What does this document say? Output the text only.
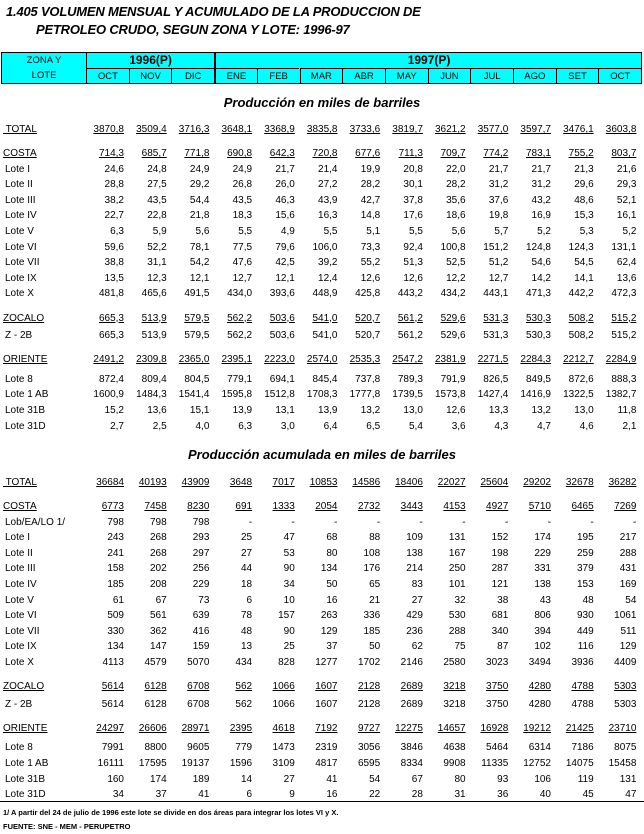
1.405 VOLUMEN MENSUAL Y ACUMULADO DE LA PRODUCCION DE
PETROLEO CRUDO, SEGUN ZONA Y LOTE: 1996-97
ZONA Y
LOTE
1996(P)	1997(P)
OCT	NOV	DIC	ENE	FEB	MAR	ABR	MAY	JUN	JUL	AGO	SET	OCT
Producción en miles de barriles
TOTAL	3870,8	3509,4	3716,3	3648,1	3368,9	3835,8	3733,6	3819,7	3621,2	3577,0	3597,7	3476,1	3603,8
COSTA	714,3	685,7	771,8	690,8	642,3	720,8	677,6	711,3	709,7	774,2	783,1	755,2	803,7
Lote I	24,6	24,8	24,9	24,9	21,7	21,4	19,9	20,8	22,0	21,7	21,7	21,3	21,6
Lote II	28,8	27,5	29,2	26,8	26,0	27,2	28,2	30,1	28,2	31,2	31,2	29,6	29,3
Lote III	38,2	43,5	54,4	43,5	46,3	43,9	42,7	37,8	35,6	37,6	43,2	48,6	52,1
Lote IV	22,7	22,8	21,8	18,3	15,6	16,3	14,8	17,6	18,6	19,8	16,9	15,3	16,1
Lote V	6,3	5,9	5,6	5,5	4,9	5,5	5,1	5,5	5,6	5,7	5,2	5,3	5,2
Lote VI	59,6	52,2	78,1	77,5	79,6	106,0	73,3	92,4	100,8	151,2	124,8	124,3	131,1
Lote VII	38,8	31,1	54,2	47,6	42,5	39,2	55,2	51,3	52,5	51,2	54,6	54,5	62,4
Lote IX	13,5	12,3	12,1	12,7	12,1	12,4	12,6	12,6	12,2	12,7	14,2	14,1	13,6
Lote X	481,8	465,6	491,5	434,0	393,6	448,9	425,8	443,2	434,2	443,1	471,3	442,2	472,3
ZOCALO	665,3	513,9	579,5	562,2	503,6	541,0	520,7	561,2	529,6	531,3	530,3	508,2	515,2
Z - 2B	665,3	513,9	579,5	562,2	503,6	541,0	520,7	561,2	529,6	531,3	530,3	508,2	515,2
ORIENTE	2491,2	2309,8	2365,0	2395,1	2223,0	2574,0	2535,3	2547,2	2381,9	2271,5	2284,3	2212,7	2284,9
Lote 8	872,4	809,4	804,5	779,1	694,1	845,4	737,8	789,3	791,9	826,5	849,5	872,6	888,3
Lote 1 AB	1600,9	1484,3	1541,4	1595,8	1512,8	1708,3	1777,8	1739,5	1573,8	1427,4	1416,9	1322,5	1382,7
Lote 31B	15,2	13,6	15,1	13,9	13,1	13,9	13,2	13,0	12,6	13,3	13,2	13,0	11,8
Lote 31D	2,7	2,5	4,0	6,3	3,0	6,4	6,5	5,4	3,6	4,3	4,7	4,6	2,1
Producción acumulada en miles de barriles
TOTAL	36684	40193	43909	3648	7017	10853	14586	18406	22027	25604	29202	32678	36282
COSTA	6773	7458	8230	691	1333	2054	2732	3443	4153	4927	5710	6465	7269
Lob/EA/LO 1/	798	798	798	-	-	-	-	-	-	-	-	-	-
Lote I	243	268	293	25	47	68	88	109	131	152	174	195	217
Lote II	241	268	297	27	53	80	108	138	167	198	229	259	288
Lote III	158	202	256	44	90	134	176	214	250	287	331	379	431
Lote IV	185	208	229	18	34	50	65	83	101	121	138	153	169
Lote V	61	67	73	6	10	16	21	27	32	38	43	48	54
Lote VI	509	561	639	78	157	263	336	429	530	681	806	930	1061
Lote VII	330	362	416	48	90	129	185	236	288	340	394	449	511
Lote IX	134	147	159	13	25	37	50	62	75	87	102	116	129
Lote X	4113	4579	5070	434	828	1277	1702	2146	2580	3023	3494	3936	4409
ZOCALO	5614	6128	6708	562	1066	1607	2128	2689	3218	3750	4280	4788	5303
Z - 2B	5614	6128	6708	562	1066	1607	2128	2689	3218	3750	4280	4788	5303
ORIENTE	24297	26606	28971	2395	4618	7192	9727	12275	14657	16928	19212	21425	23710
Lote 8	7991	8800	9605	779	1473	2319	3056	3846	4638	5464	6314	7186	8075
Lote 1 AB	16111	17595	19137	1596	3109	4817	6595	8334	9908	11335	12752	14075	15458
Lote 31B	160	174	189	14	27	41	54	67	80	93	106	119	131
Lote 31D	34	37	41	6	9	16	22	28	31	36	40	45	47
1/ A partir del 24 de julio de 1996 este lote se divide en dos áreas para integrar los lotes VI y X.
FUENTE: SNE - MEM - PERUPETRO
